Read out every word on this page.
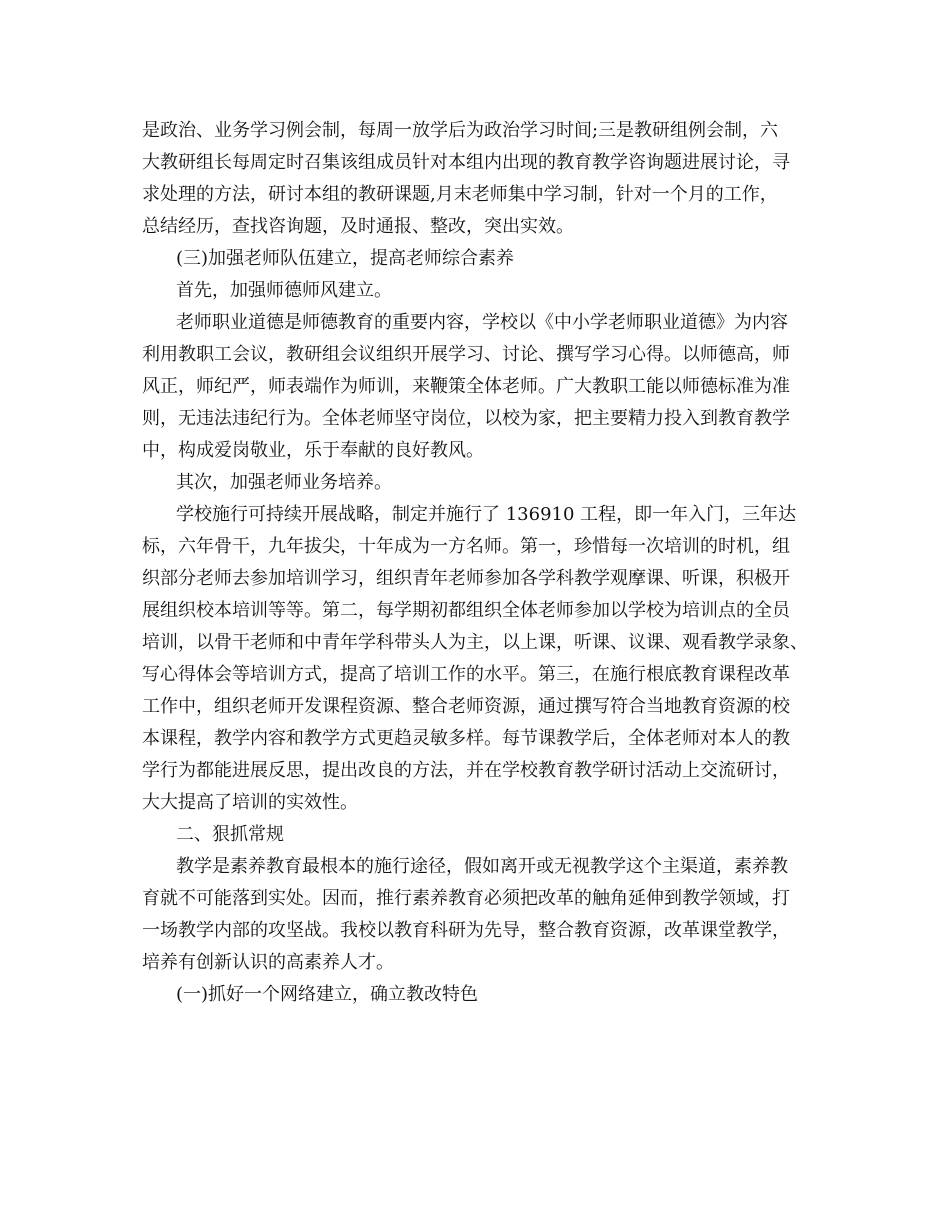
是政治、业务学习例会制，每周一放学后为政治学习时间;三是教研组例会制，六
大教研组长每周定时召集该组成员针对本组内出现的教育教学咨询题进展讨论，寻
求处理的方法，研讨本组的教研课题,月末老师集中学习制，针对一个月的工作，
总结经历，查找咨询题，及时通报、整改，突出实效。
(三)加强老师队伍建立，提高老师综合素养
首先，加强师德师风建立。
老师职业道德是师德教育的重要内容，学校以《中小学老师职业道德》为内容
利用教职工会议，教研组会议组织开展学习、讨论、撰写学习心得。以师德高，师
风正，师纪严，师表端作为师训，来鞭策全体老师。广大教职工能以师德标准为准
则，无违法违纪行为。全体老师坚守岗位，以校为家，把主要精力投入到教育教学
中，构成爱岗敬业，乐于奉献的良好教风。
其次，加强老师业务培养。
学校施行可持续开展战略，制定并施行了 136910 工程，即一年入门，三年达
标，六年骨干，九年拔尖，十年成为一方名师。第一，珍惜每一次培训的时机，组
织部分老师去参加培训学习，组织青年老师参加各学科教学观摩课、听课，积极开
展组织校本培训等等。第二，每学期初都组织全体老师参加以学校为培训点的全员
培训，以骨干老师和中青年学科带头人为主，以上课，听课、议课、观看教学录象、
写心得体会等培训方式，提高了培训工作的水平。第三，在施行根底教育课程改革
工作中，组织老师开发课程资源、整合老师资源，通过撰写符合当地教育资源的校
本课程，教学内容和教学方式更趋灵敏多样。每节课教学后，全体老师对本人的教
学行为都能进展反思，提出改良的方法，并在学校教育教学研讨活动上交流研讨，
大大提高了培训的实效性。
二、狠抓常规
教学是素养教育最根本的施行途径，假如离开或无视教学这个主渠道，素养教
育就不可能落到实处。因而，推行素养教育必须把改革的触角延伸到教学领域，打
一场教学内部的攻坚战。我校以教育科研为先导，整合教育资源，改革课堂教学，
培养有创新认识的高素养人才。
(一)抓好一个网络建立，确立教改特色
